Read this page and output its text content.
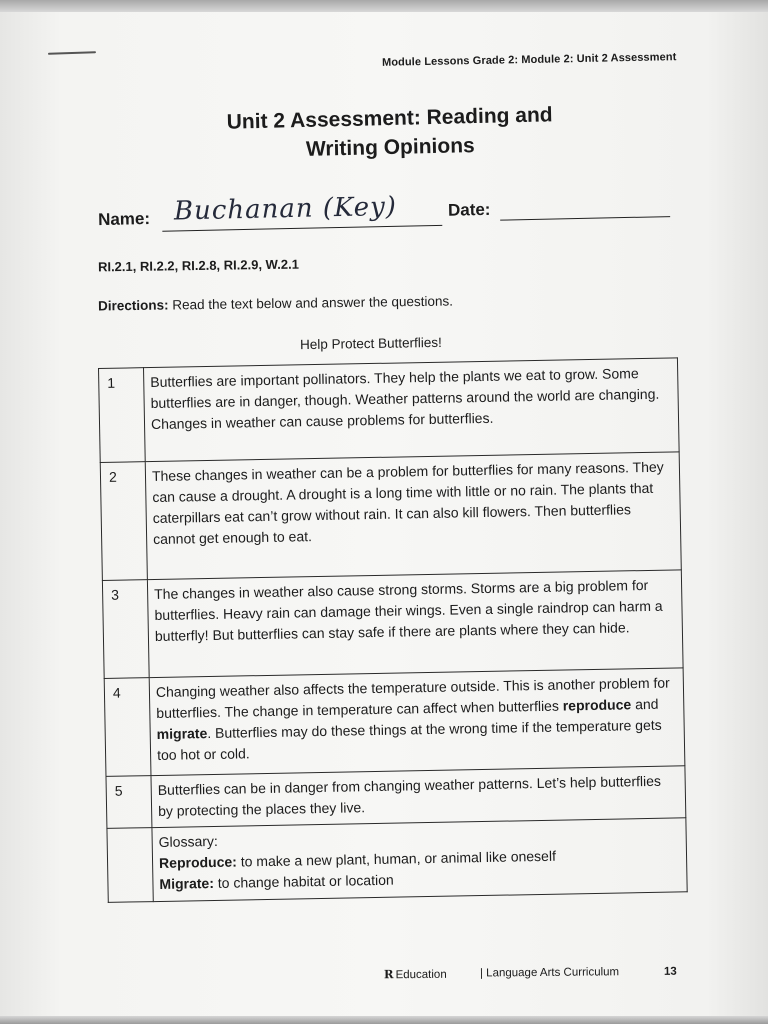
Module Lessons Grade 2: Module 2: Unit 2 Assessment
Unit 2 Assessment: Reading and
Writing Opinions
Name: Buchanan (Key)	Date:
RI.2.1, RI.2.2, RI.2.8, RI.2.9, W.2.1
Directions: Read the text below and answer the questions.
Help Protect Butterflies!
1	Butterflies are important pollinators. They help the plants we eat to grow. Some butterflies are in danger, though. Weather patterns around the world are changing. Changes in weather can cause problems for butterflies.
2	These changes in weather can be a problem for butterflies for many reasons. They can cause a drought. A drought is a long time with little or no rain. The plants that caterpillars eat can’t grow without rain. It can also kill flowers. Then butterflies cannot get enough to eat.
3	The changes in weather also cause strong storms. Storms are a big problem for butterflies. Heavy rain can damage their wings. Even a single raindrop can harm a butterfly! But butterflies can stay safe if there are plants where they can hide.
4	Changing weather also affects the temperature outside. This is another problem for butterflies. The change in temperature can affect when butterflies reproduce and migrate. Butterflies may do these things at the wrong time if the temperature gets too hot or cold.
5	Butterflies can be in danger from changing weather patterns. Let’s help butterflies by protecting the places they live.

	Glossary:
Reproduce: to make a new plant, human, or animal like oneself
Migrate: to change habitat or location
R Education	| Language Arts Curriculum	13
